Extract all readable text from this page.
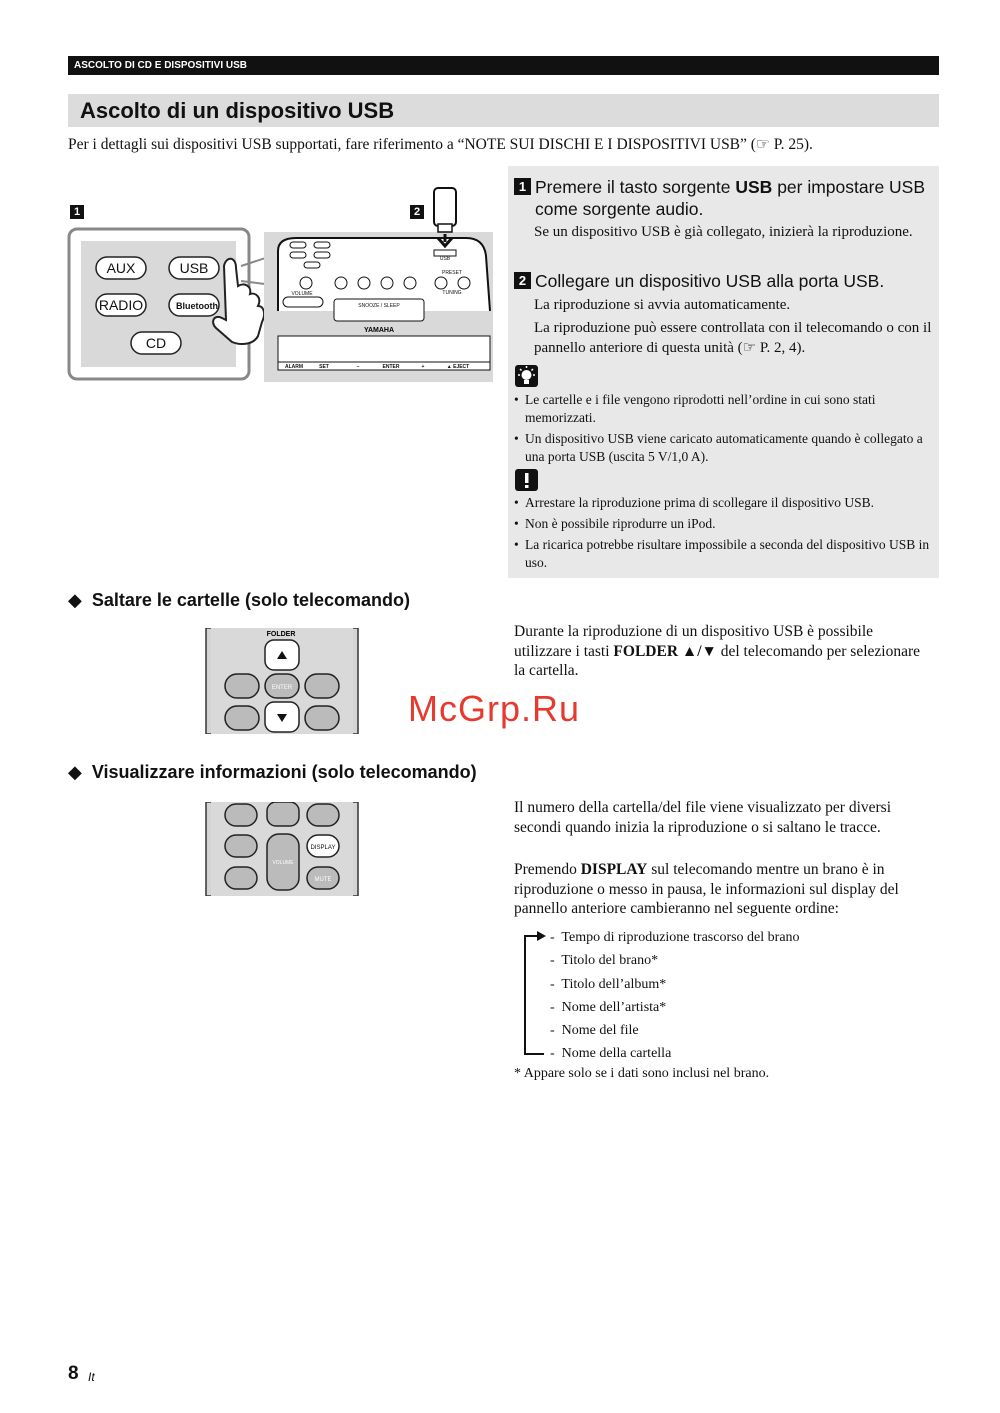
ASCOLTO DI CD E DISPOSITIVI USB
Ascolto di un dispositivo USB
Per i dettagli sui dispositivi USB supportati, fare riferimento a “NOTE SUI DISCHI E I DISPOSITIVI USB” (☞ P. 25).
1	2
AUX	USB
RADIO	Bluetooth
CD
SNOOZE / SLEEP
VOLUME
PRESET
TUNING
USB
YAMAHA
ALARM	SET	–	ENTER	+	▲ EJECT
1 Premere il tasto sorgente USB per impostare USB come sorgente audio.
Se un dispositivo USB è già collegato, inizierà la riproduzione.
2 Collegare un dispositivo USB alla porta USB.
La riproduzione si avvia automaticamente.
La riproduzione può essere controllata con il telecomando o con il pannello anteriore di questa unità (☞ P. 2, 4).
• Le cartelle e i file vengono riprodotti nell’ordine in cui sono stati memorizzati.
• Un dispositivo USB viene caricato automaticamente quando è collegato a una porta USB (uscita 5 V/1,0 A).
• Arrestare la riproduzione prima di scollegare il dispositivo USB.
• Non è possibile riprodurre un iPod.
• La ricarica potrebbe risultare impossibile a seconda del dispositivo USB in uso.
◆  Saltare le cartelle (solo telecomando)
FOLDER
ENTER
Durante la riproduzione di un dispositivo USB è possibile utilizzare i tasti FOLDER ▲/▼ del telecomando per selezionare la cartella.
McGrp.Ru
◆  Visualizzare informazioni (solo telecomando)
DISPLAY
VOLUME
MUTE
Il numero della cartella/del file viene visualizzato per diversi secondi quando inizia la riproduzione o si saltano le tracce.
Premendo DISPLAY sul telecomando mentre un brano è in riproduzione o messo in pausa, le informazioni sul display del pannello anteriore cambieranno nel seguente ordine:
-  Tempo di riproduzione trascorso del brano
-  Titolo del brano*
-  Titolo dell’album*
-  Nome dell’artista*
-  Nome del file
-  Nome della cartella
* Appare solo se i dati sono inclusi nel brano.
8 It
